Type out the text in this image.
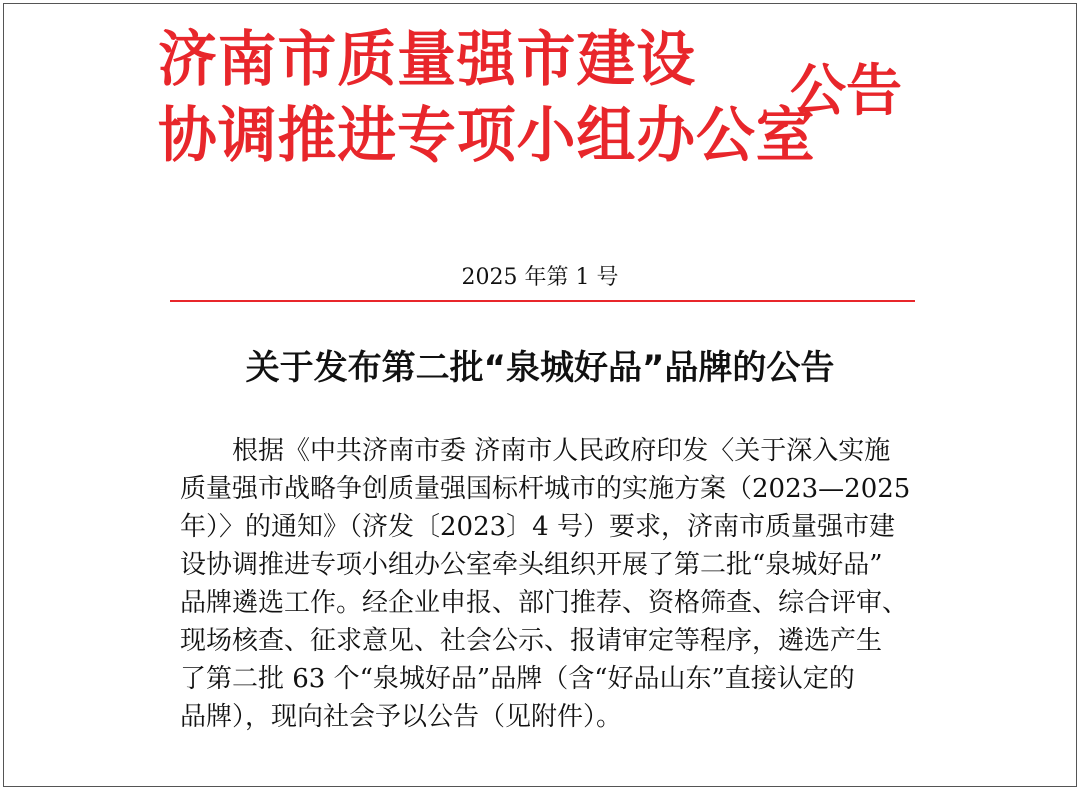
济南市质量强市建设
协调推进专项小组办公室
公告
2025 年第 1 号
关于发布第二批“泉城好品”品牌的公告
根据《中共济南市委 济南市人民政府印发〈关于深入实施
质量强市战略争创质量强国标杆城市的实施方案（2023—2025
年）〉的通知》（济发〔2023〕4 号）要求，济南市质量强市建
设协调推进专项小组办公室牵头组织开展了第二批“泉城好品”
品牌遴选工作。经企业申报、部门推荐、资格筛查、综合评审、
现场核查、征求意见、社会公示、报请审定等程序，遴选产生
了第二批 63 个“泉城好品”品牌（含“好品山东”直接认定的
品牌），现向社会予以公告（见附件）。
